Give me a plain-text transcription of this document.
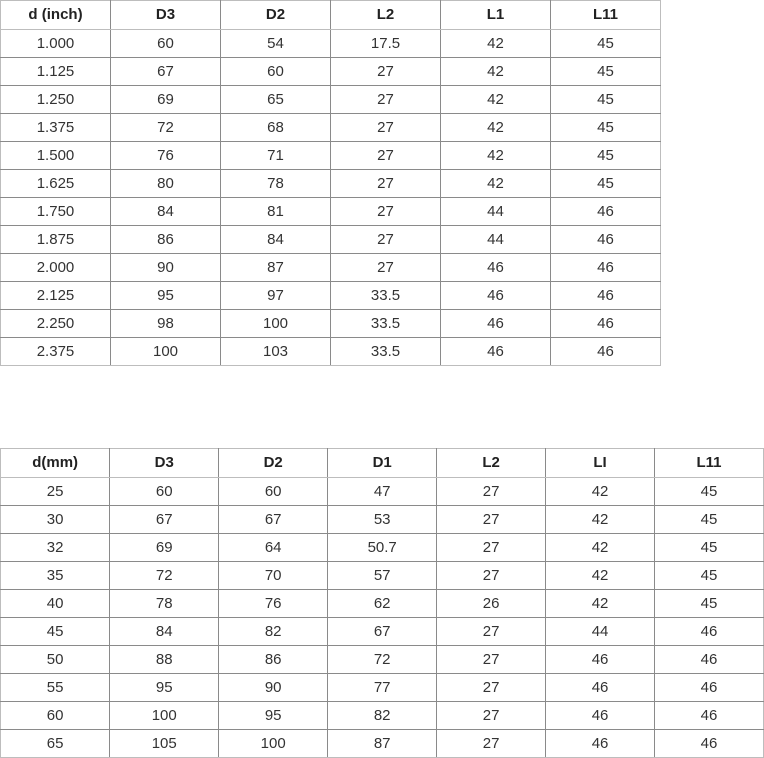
d (inch)	D3	D2	L2	L1	L11
1.000	60	54	17.5	42	45
1.125	67	60	27	42	45
1.250	69	65	27	42	45
1.375	72	68	27	42	45
1.500	76	71	27	42	45
1.625	80	78	27	42	45
1.750	84	81	27	44	46
1.875	86	84	27	44	46
2.000	90	87	27	46	46
2.125	95	97	33.5	46	46
2.250	98	100	33.5	46	46
2.375	100	103	33.5	46	46
d(mm)	D3	D2	D1	L2	LI	L11
25	60	60	47	27	42	45
30	67	67	53	27	42	45
32	69	64	50.7	27	42	45
35	72	70	57	27	42	45
40	78	76	62	26	42	45
45	84	82	67	27	44	46
50	88	86	72	27	46	46
55	95	90	77	27	46	46
60	100	95	82	27	46	46
65	105	100	87	27	46	46
